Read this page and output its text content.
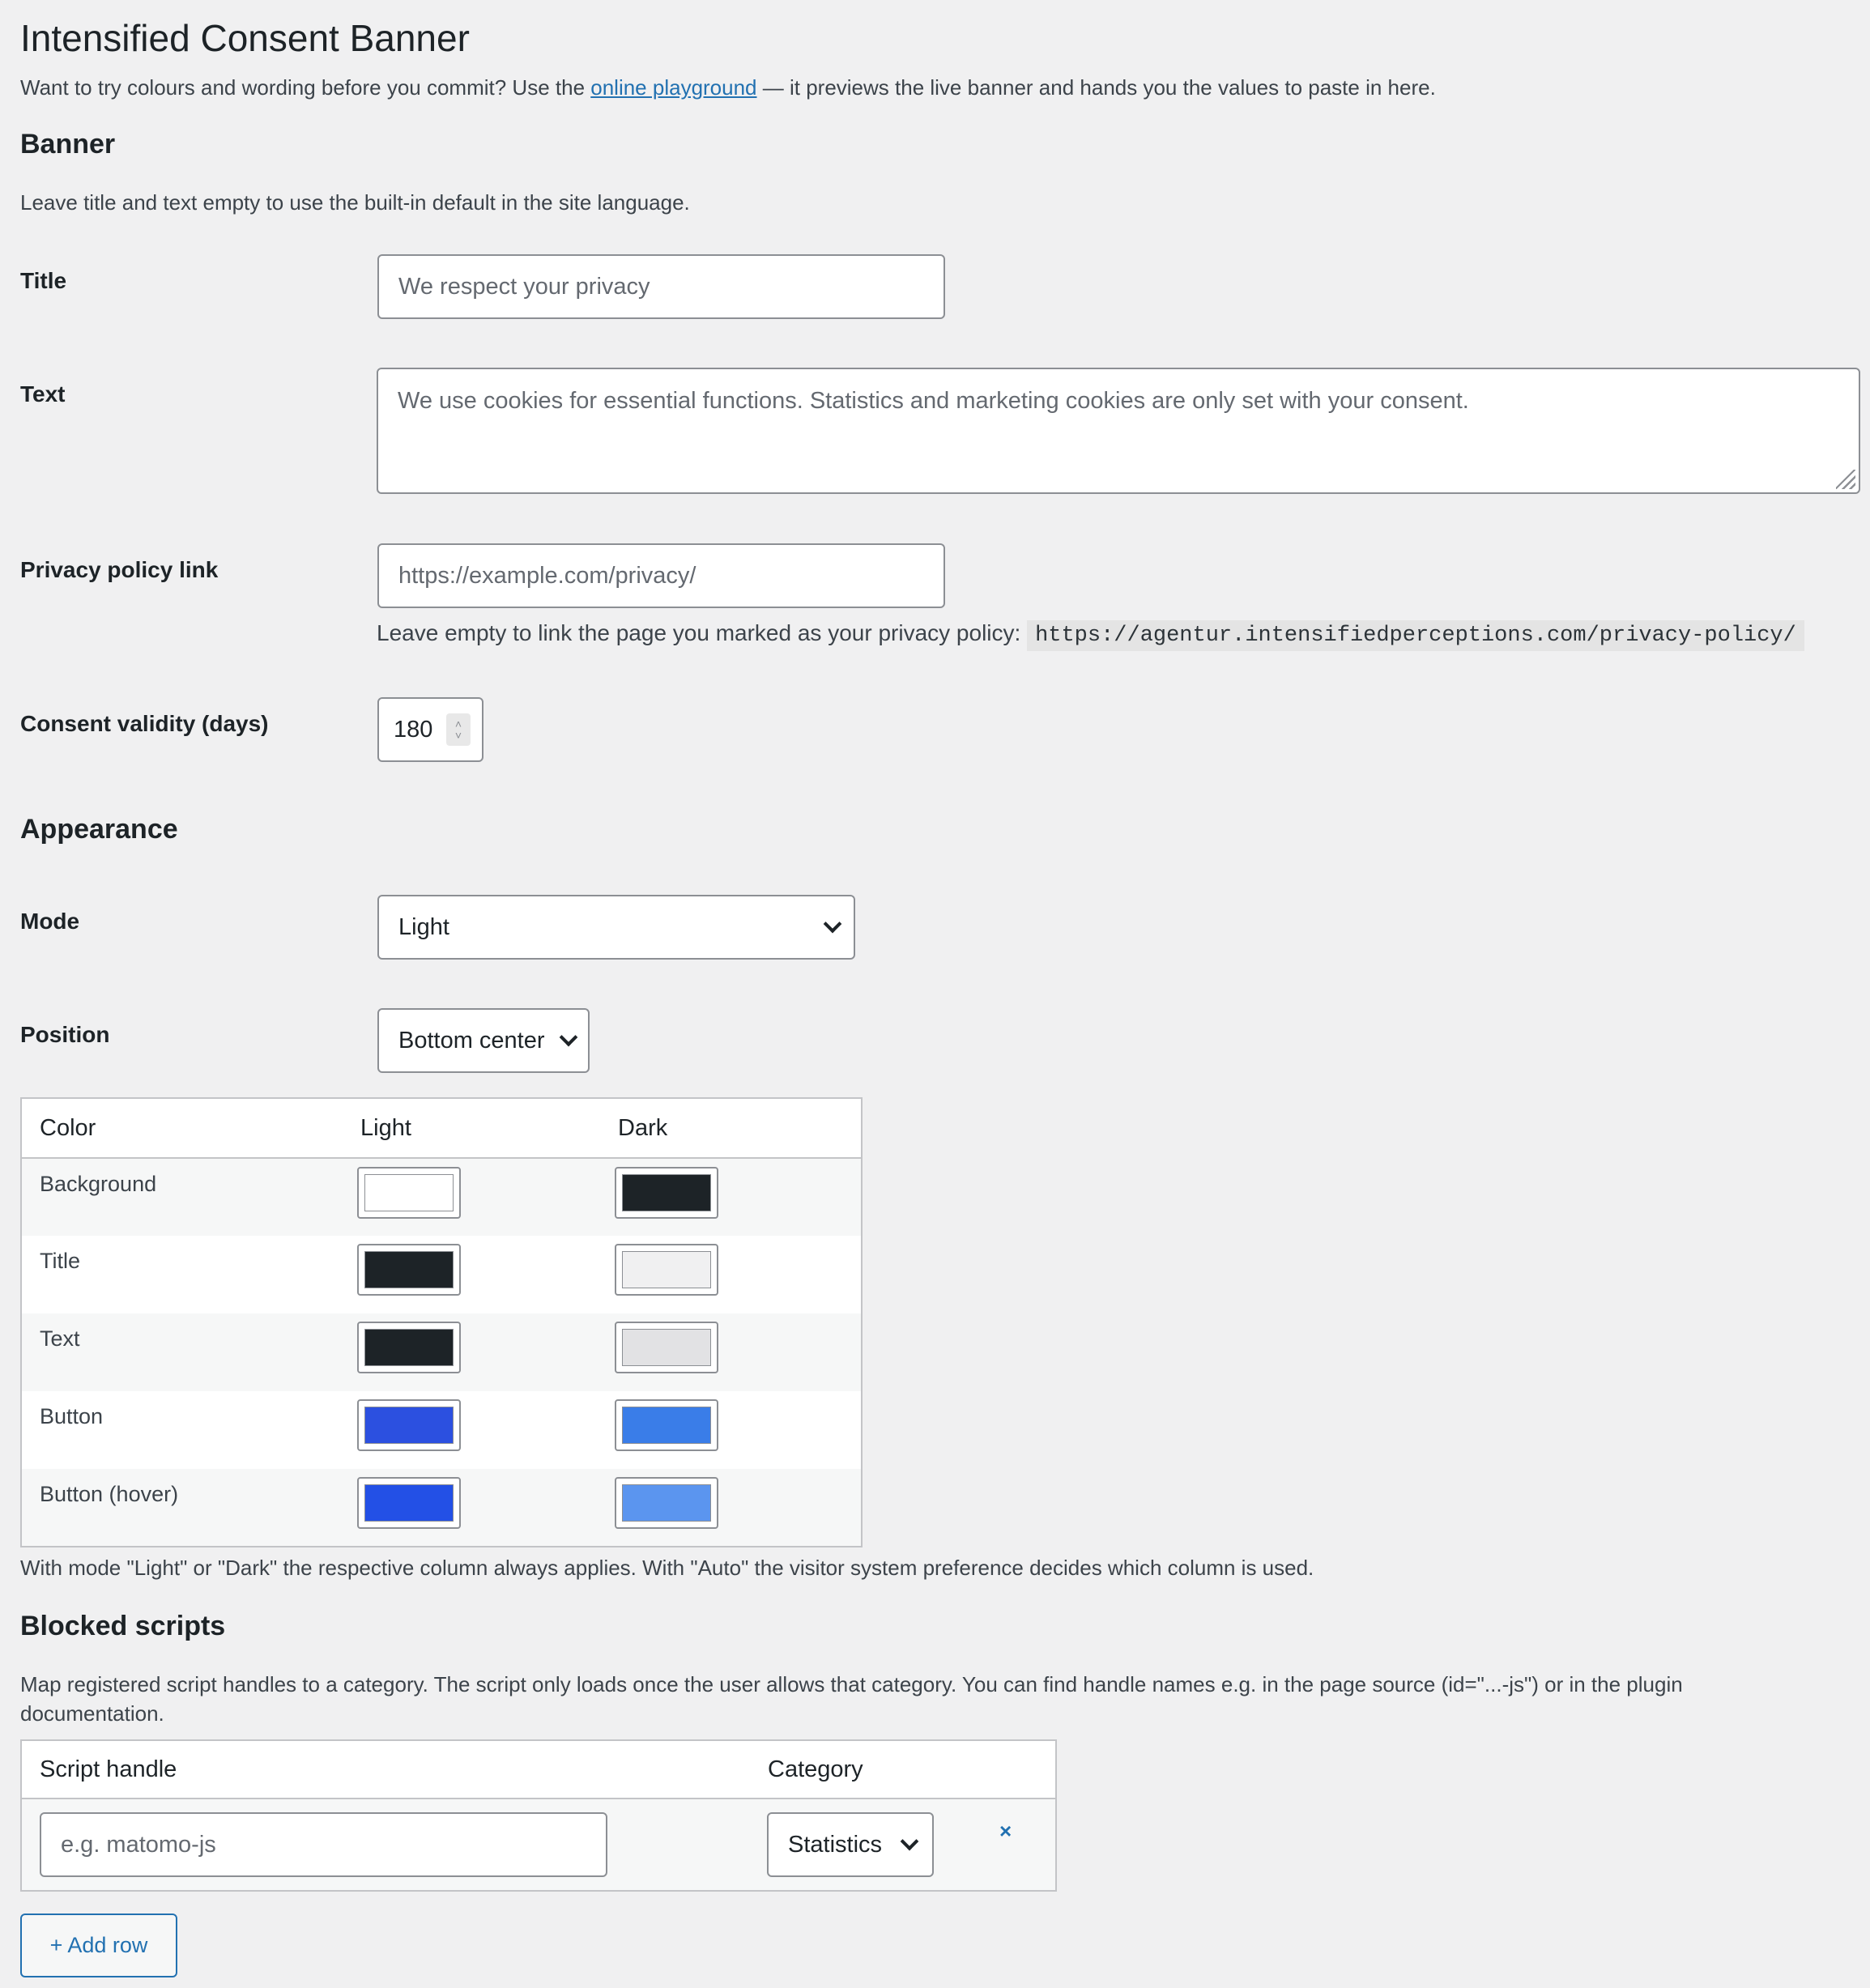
Intensified Consent Banner

Want to try colours and wording before you commit? Use the online playground — it previews the live banner and hands you the values to paste in here.

Banner

Leave title and text empty to use the built-in default in the site language.

Title	We respect your privacy
Text	We use cookies for essential functions. Statistics and marketing cookies are only set with your consent.
Privacy policy link	https://example.com/privacy/

Leave empty to link the page you marked as your privacy policy: https://agentur.intensifiedperceptions.com/privacy-policy/

Consent validity (days)	180 ˄
˅
Appearance
Mode	Light
Position	Bottom center
Color	Light	Dark
Background	

Title	

Text	

Button	

Button (hover)	

With mode "Light" or "Dark" the respective column always applies. With "Auto" the visitor system preference decides which column is used.

Blocked scripts

Map registered script handles to a category. The script only loads once the user allows that category. You can find handle names e.g. in the page source (id="...-js") or in the plugin documentation.

Script handle	Category	

e.g. matomo-js	Statistics	×
+ Add row
